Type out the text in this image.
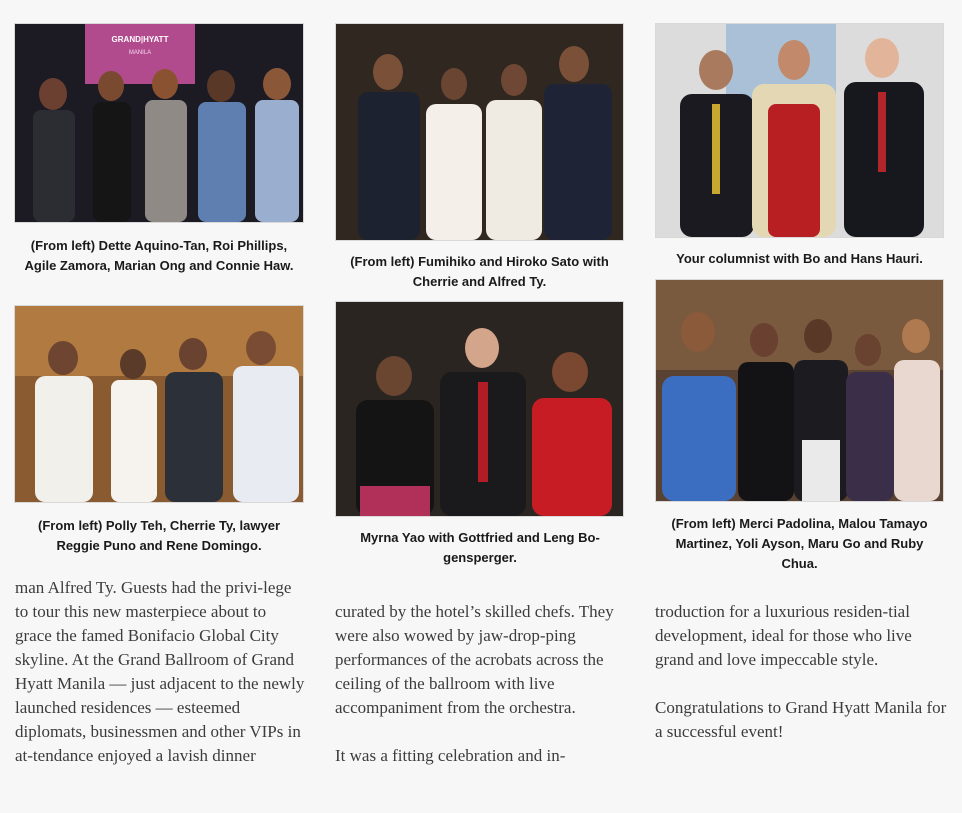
GRAND|HYATT
MANILA

(From left) Dette Aquino-Tan, Roi Phillips, Agile Zamora, Marian Ong and Connie Haw.

(From left) Polly Teh, Cherrie Ty, lawyer Reggie Puno and Rene Domingo.

man Alfred Ty. Guests had the privi-lege to tour this new masterpiece about to grace the famed Bonifacio Global City skyline. At the Grand Ballroom of Grand Hyatt Manila — just adjacent to the newly launched residences — esteemed diplomats, businessmen and other VIPs in at-tendance enjoyed a lavish dinner

(From left) Fumihiko and Hiroko Sato with Cherrie and Alfred Ty.

Myrna Yao with Gottfried and Leng Bo-gensperger.

curated by the hotel’s skilled chefs. They were also wowed by jaw-drop-ping performances of the acrobats across the ceiling of the ballroom with live accompaniment from the orchestra.

It was a fitting celebration and in-

Your columnist with Bo and Hans Hauri.

(From left) Merci Padolina, Malou Tamayo Martinez, Yoli Ayson, Maru Go and Ruby Chua.

troduction for a luxurious residen-tial development, ideal for those who live grand and love impeccable style.

Congratulations to Grand Hyatt Manila for a successful event!
